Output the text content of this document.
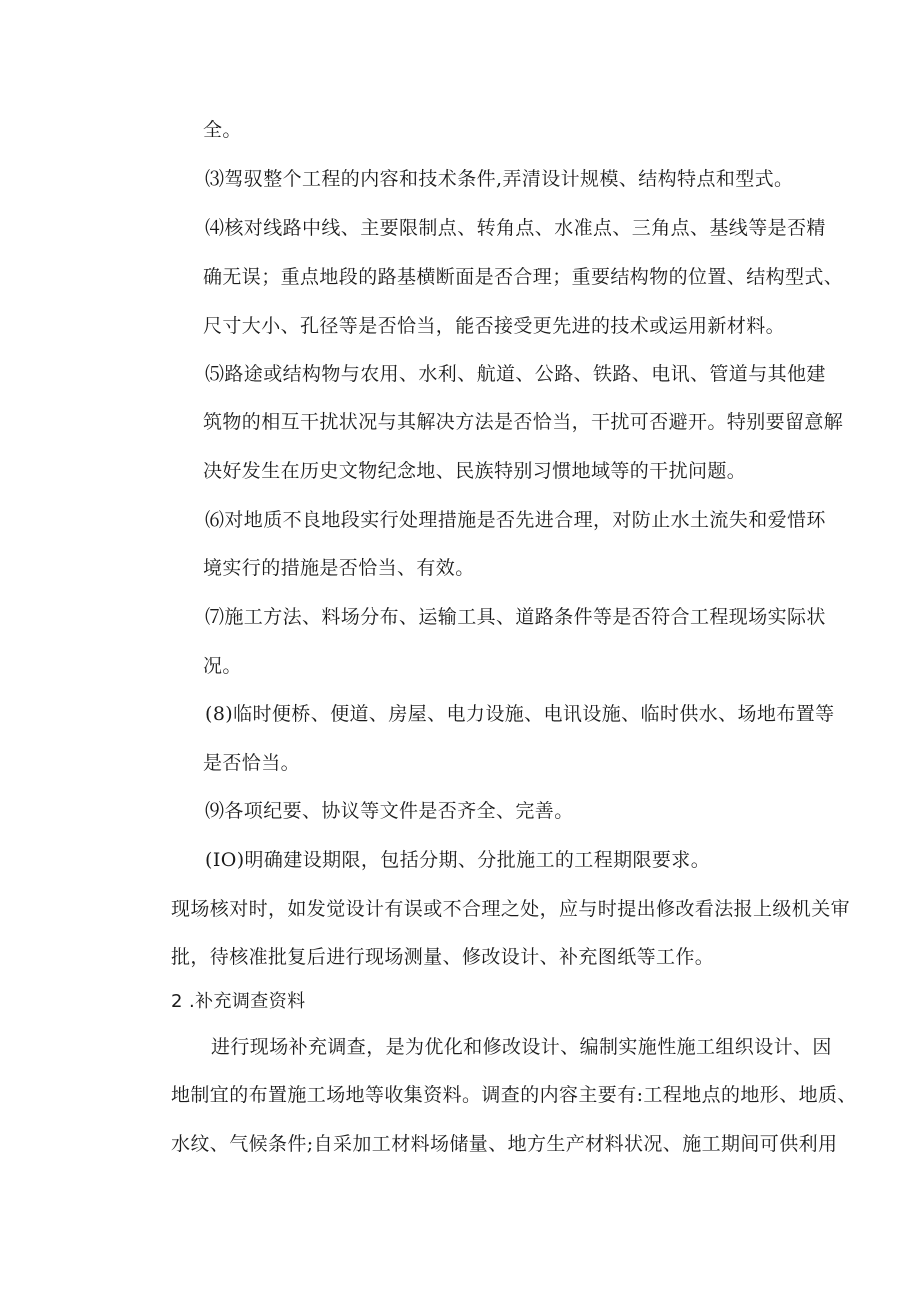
全。
⑶驾驭整个工程的内容和技术条件,弄清设计规模、结构特点和型式。
⑷核对线路中线、主要限制点、转角点、水准点、三角点、基线等是否精
确无误；重点地段的路基横断面是否合理；重要结构物的位置、结构型式、
尺寸大小、孔径等是否恰当，能否接受更先进的技术或运用新材料。
⑸路途或结构物与农用、水利、航道、公路、铁路、电讯、管道与其他建
筑物的相互干扰状况与其解决方法是否恰当，干扰可否避开。特别要留意解
决好发生在历史文物纪念地、民族特别习惯地域等的干扰问题。
⑹对地质不良地段实行处理措施是否先进合理，对防止水土流失和爱惜环
境实行的措施是否恰当、有效。
⑺施工方法、料场分布、运输工具、道路条件等是否符合工程现场实际状
况。
(8)临时便桥、便道、房屋、电力设施、电讯设施、临时供水、场地布置等
是否恰当。
⑼各项纪要、协议等文件是否齐全、完善。
(IO)明确建设期限，包括分期、分批施工的工程期限要求。
现场核对时，如发觉设计有误或不合理之处，应与时提出修改看法报上级机关审
批，待核准批复后进行现场测量、修改设计、补充图纸等工作。
2 .补充调查资料
进行现场补充调查，是为优化和修改设计、编制实施性施工组织设计、因
地制宜的布置施工场地等收集资料。调查的内容主要有:工程地点的地形、地质、
水纹、气候条件;自采加工材料场储量、地方生产材料状况、施工期间可供利用
